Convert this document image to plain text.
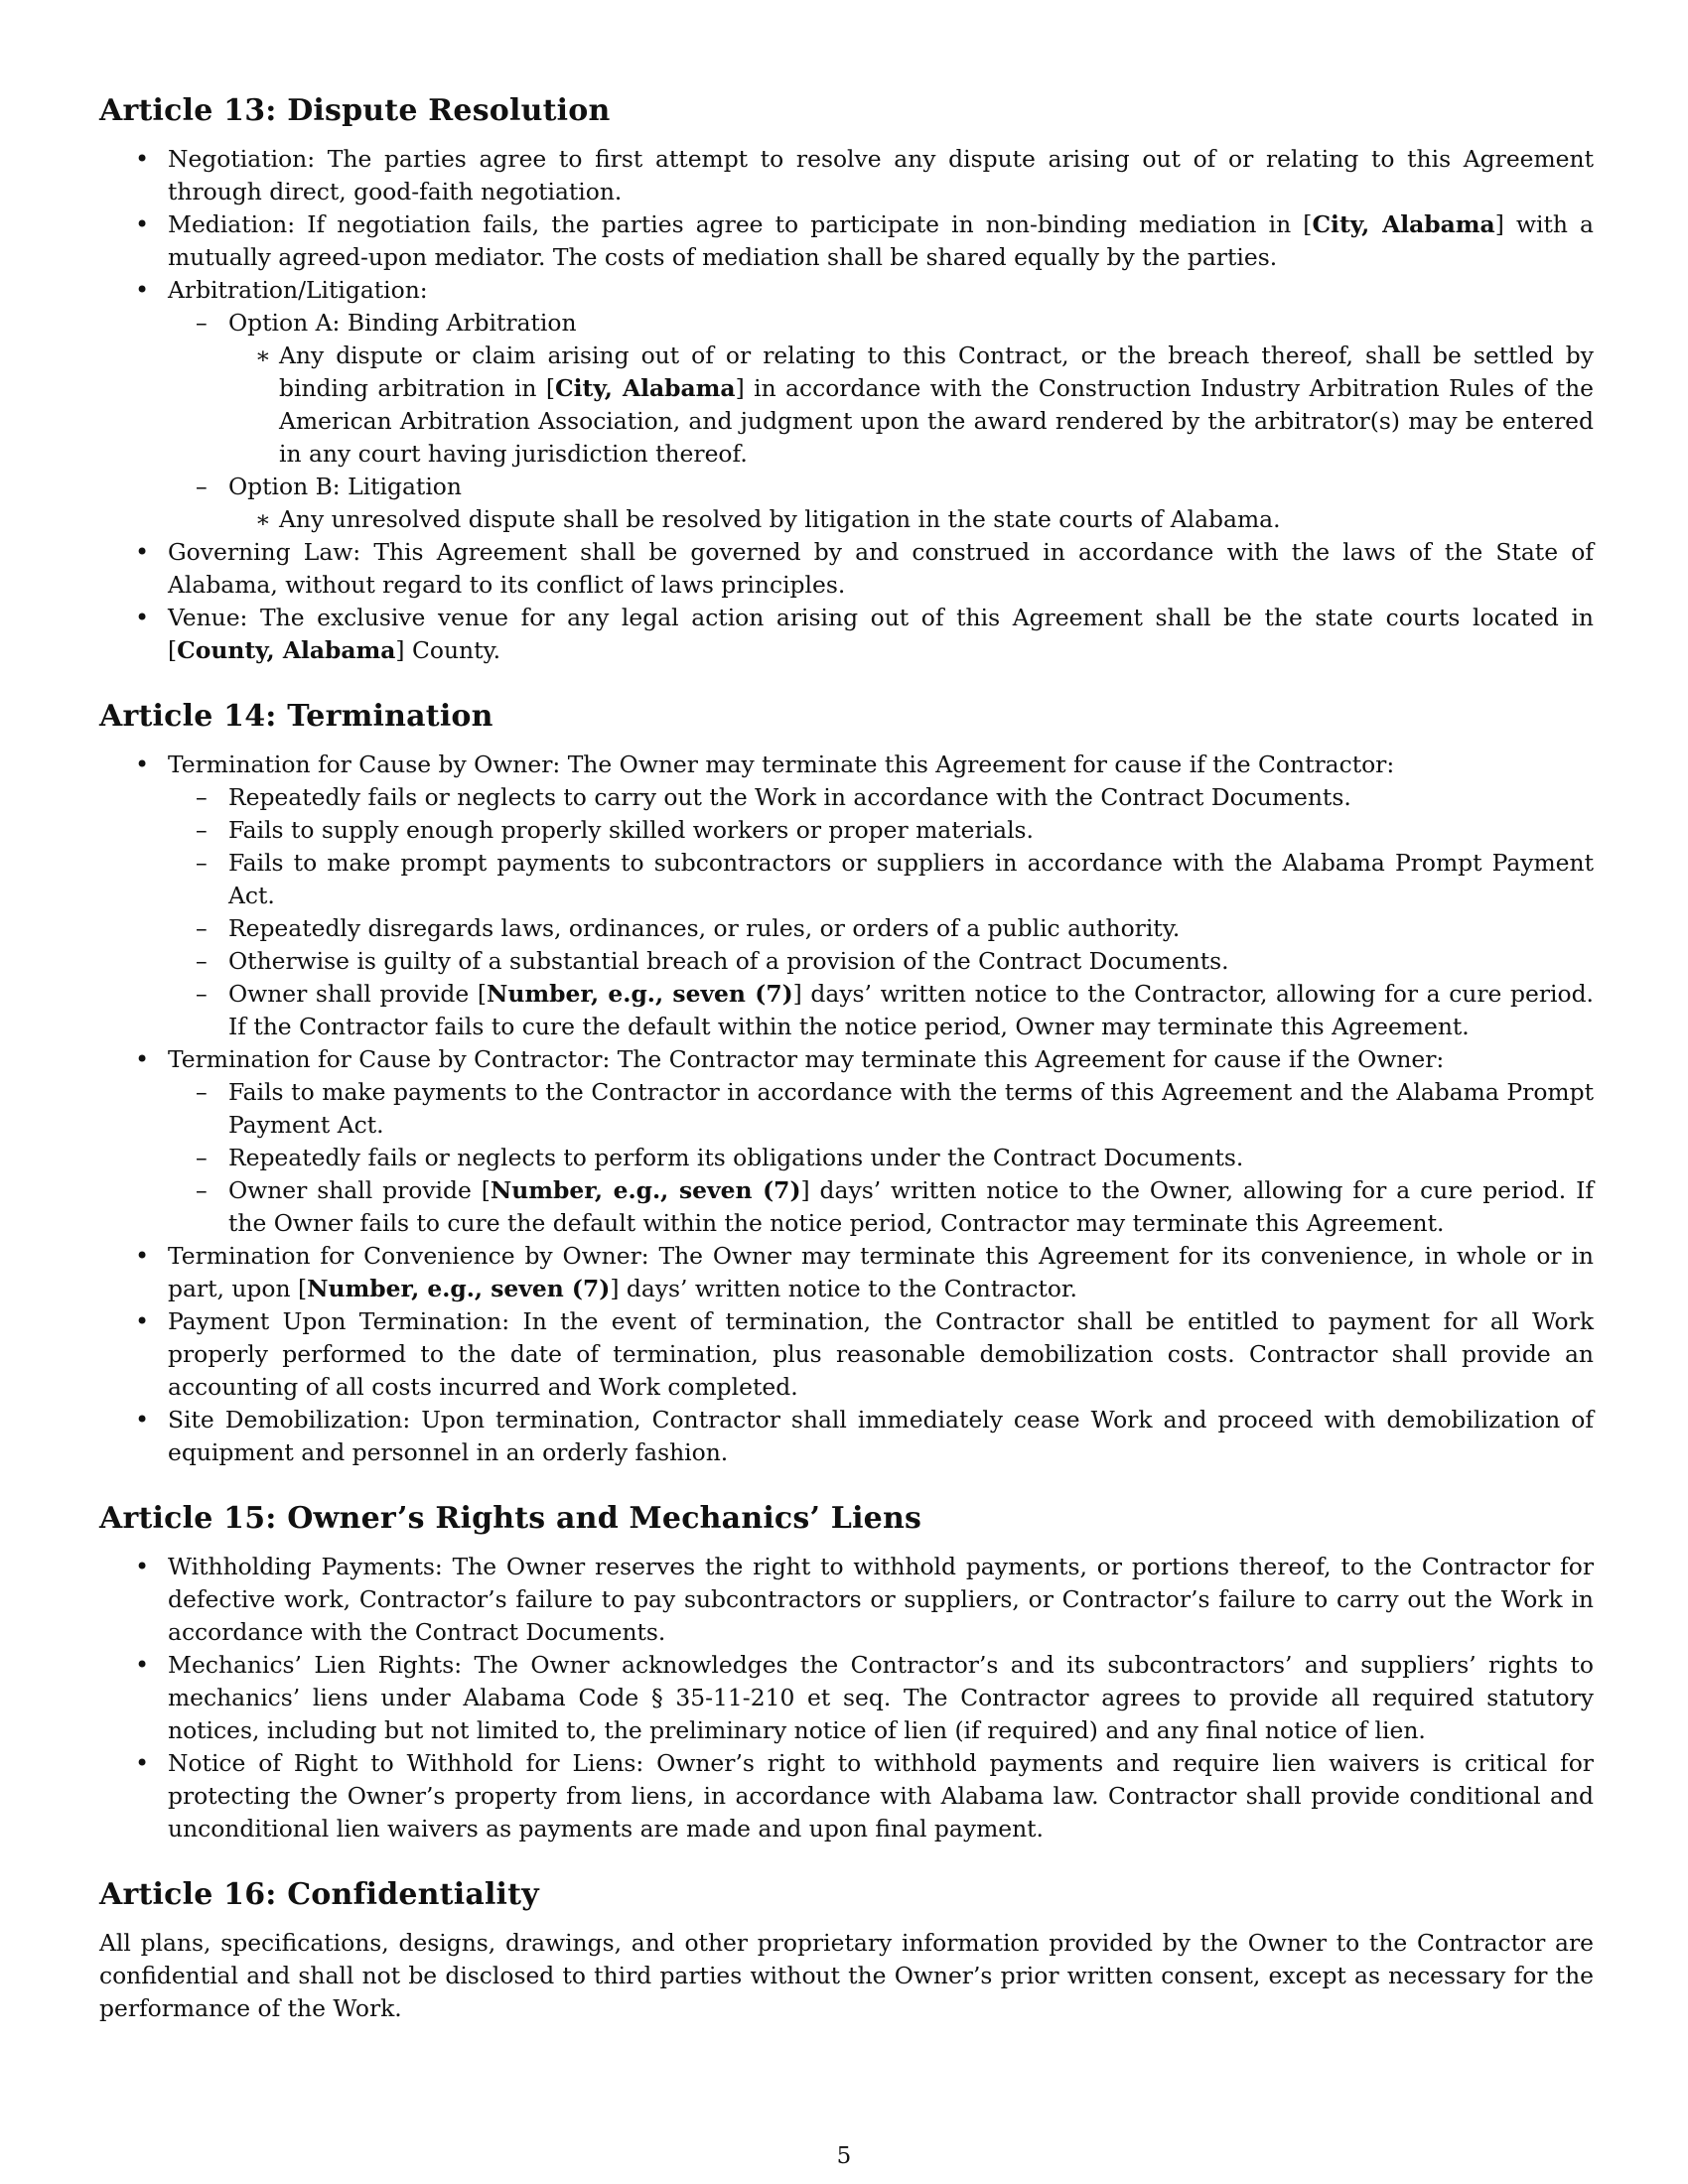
Article 13: Dispute Resolution
• Negotiation: The parties agree to first attempt to resolve any dispute arising out of or relating to this Agreement through direct, good-faith negotiation.
• Mediation: If negotiation fails, the parties agree to participate in non-binding mediation in [City, Alabama] with a mutually agreed-upon mediator. The costs of mediation shall be shared equally by the parties.
• Arbitration/Litigation:
– Option A: Binding Arbitration
∗ Any dispute or claim arising out of or relating to this Contract, or the breach thereof, shall be settled by binding arbitration in [City, Alabama] in accordance with the Construction Industry Arbitration Rules of the American Arbitration Association, and judgment upon the award rendered by the arbitrator(s) may be entered in any court having jurisdiction thereof.
– Option B: Litigation
∗ Any unresolved dispute shall be resolved by litigation in the state courts of Alabama.
• Governing Law: This Agreement shall be governed by and construed in accordance with the laws of the State of Alabama, without regard to its conflict of laws principles.
• Venue: The exclusive venue for any legal action arising out of this Agreement shall be the state courts located in [County, Alabama] County.
Article 14: Termination
• Termination for Cause by Owner: The Owner may terminate this Agreement for cause if the Contractor:
– Repeatedly fails or neglects to carry out the Work in accordance with the Contract Documents.
– Fails to supply enough properly skilled workers or proper materials.
– Fails to make prompt payments to subcontractors or suppliers in accordance with the Alabama Prompt Payment Act.
– Repeatedly disregards laws, ordinances, or rules, or orders of a public authority.
– Otherwise is guilty of a substantial breach of a provision of the Contract Documents.
– Owner shall provide [Number, e.g., seven (7)] days’ written notice to the Contractor, allowing for a cure period. If the Contractor fails to cure the default within the notice period, Owner may terminate this Agreement.
• Termination for Cause by Contractor: The Contractor may terminate this Agreement for cause if the Owner:
– Fails to make payments to the Contractor in accordance with the terms of this Agreement and the Alabama Prompt Payment Act.
– Repeatedly fails or neglects to perform its obligations under the Contract Documents.
– Owner shall provide [Number, e.g., seven (7)] days’ written notice to the Owner, allowing for a cure period. If the Owner fails to cure the default within the notice period, Contractor may terminate this Agreement.
• Termination for Convenience by Owner: The Owner may terminate this Agreement for its convenience, in whole or in part, upon [Number, e.g., seven (7)] days’ written notice to the Contractor.
• Payment Upon Termination: In the event of termination, the Contractor shall be entitled to payment for all Work properly performed to the date of termination, plus reasonable demobilization costs. Contractor shall provide an accounting of all costs incurred and Work completed.
• Site Demobilization: Upon termination, Contractor shall immediately cease Work and proceed with demobilization of equipment and personnel in an orderly fashion.
Article 15: Owner’s Rights and Mechanics’ Liens
• Withholding Payments: The Owner reserves the right to withhold payments, or portions thereof, to the Contractor for defective work, Contractor’s failure to pay subcontractors or suppliers, or Contractor’s failure to carry out the Work in accordance with the Contract Documents.
• Mechanics’ Lien Rights: The Owner acknowledges the Contractor’s and its subcontractors’ and suppliers’ rights to mechanics’ liens under Alabama Code § 35-11-210 et seq. The Contractor agrees to provide all required statutory notices, including but not limited to, the preliminary notice of lien (if required) and any final notice of lien.
• Notice of Right to Withhold for Liens: Owner’s right to withhold payments and require lien waivers is critical for protecting the Owner’s property from liens, in accordance with Alabama law. Contractor shall provide conditional and unconditional lien waivers as payments are made and upon final payment.
Article 16: Confidentiality

All plans, specifications, designs, drawings, and other proprietary information provided by the Owner to the Contractor are confidential and shall not be disclosed to third parties without the Owner’s prior written consent, except as necessary for the performance of the Work.

5
